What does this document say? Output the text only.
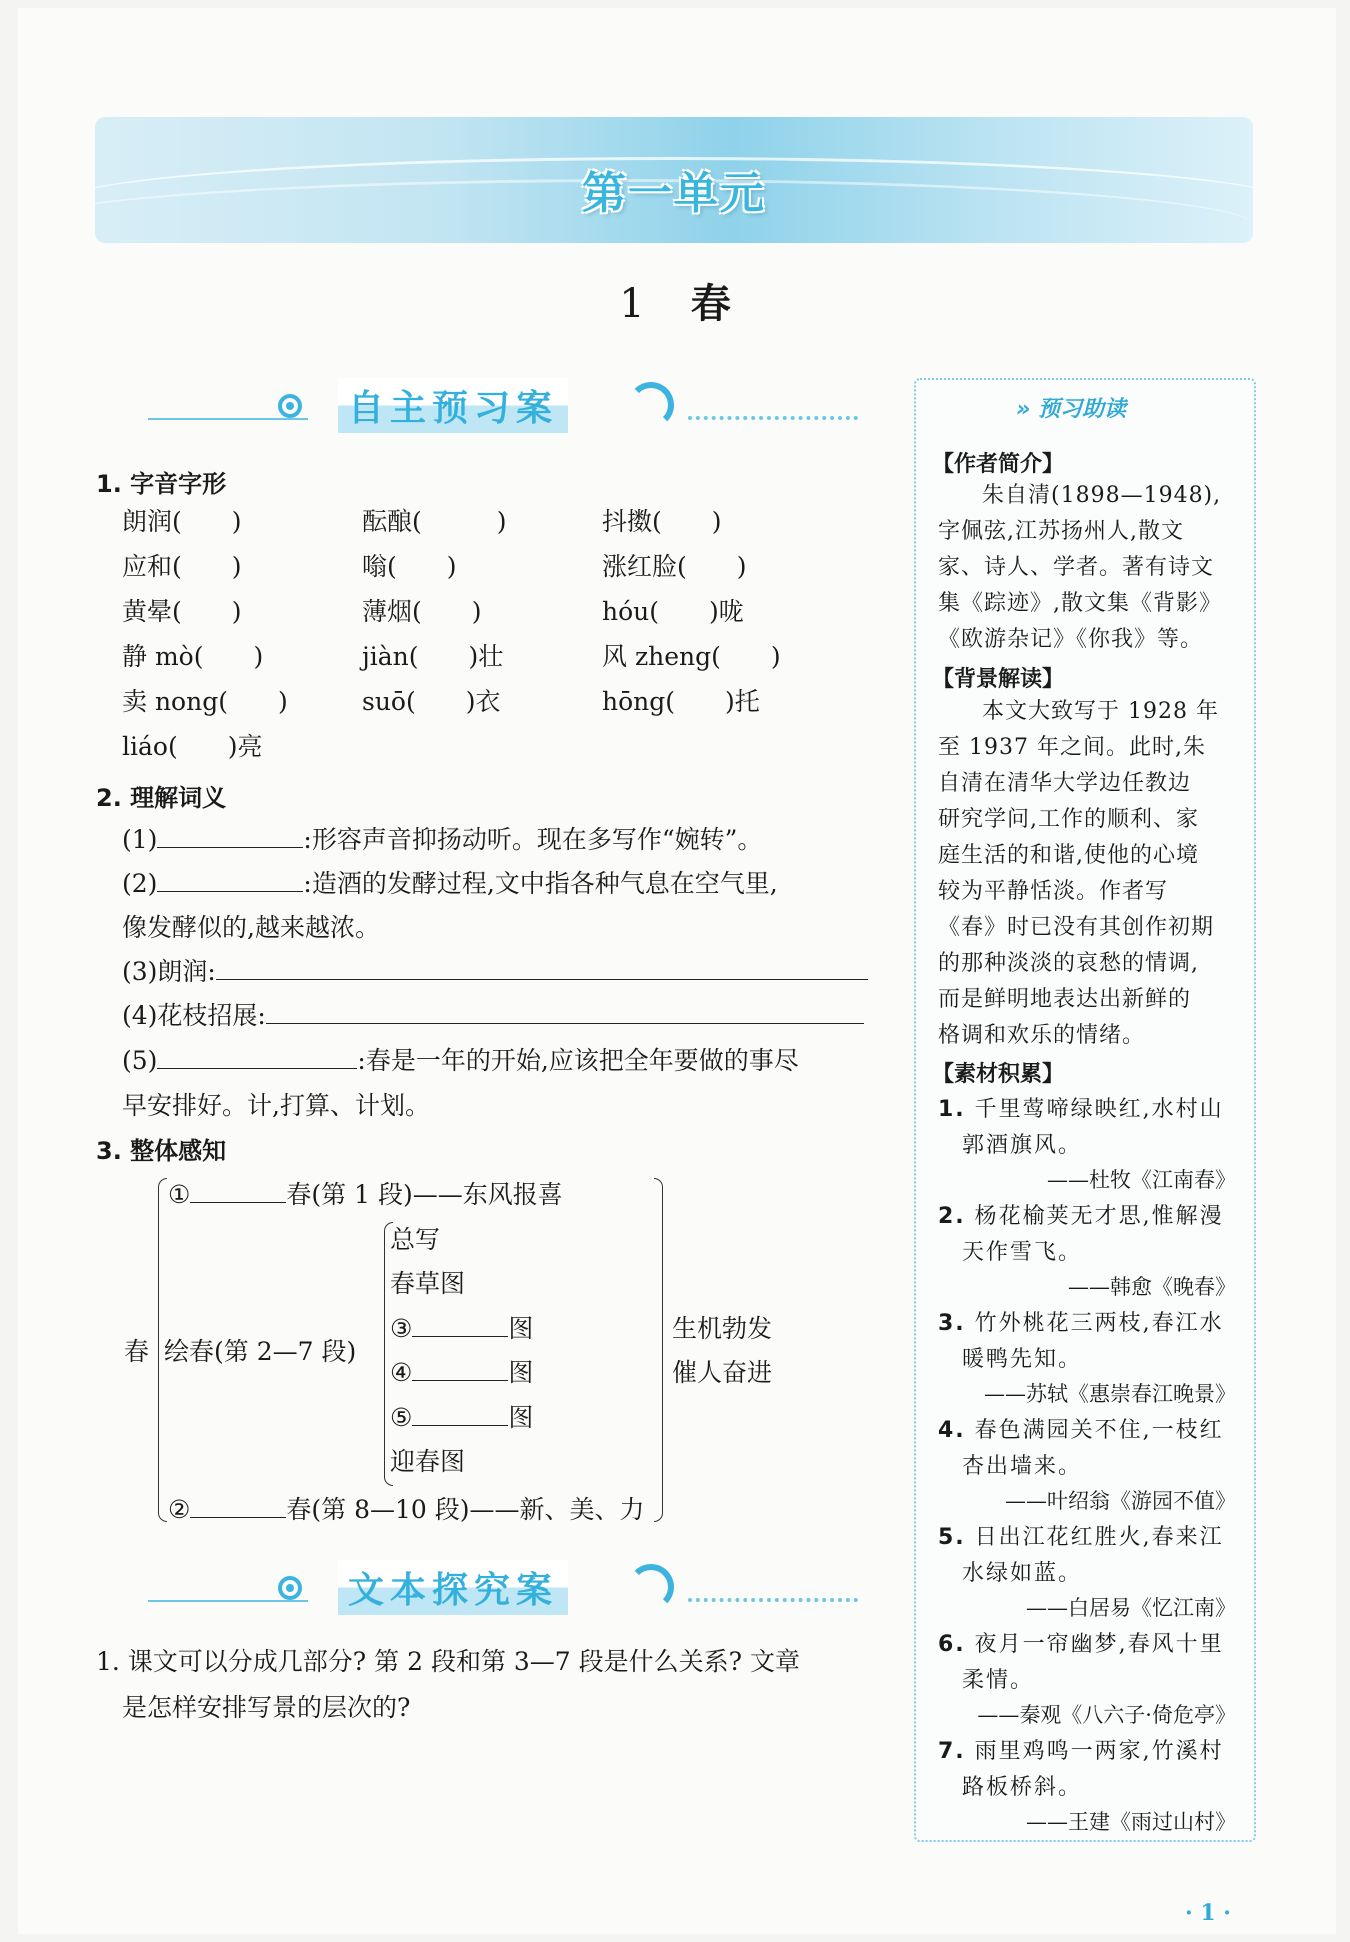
第一单元
1 春
自主预习案
1. 字音字形
朗润(　　)	酝酿(　　　)	抖擞(　　)
应和(　　)	嗡(　　)	涨红脸(　　)
黄晕(　　)	薄烟(　　)	hóu(　　)咙
静 mò(　　)	jiàn(　　)壮	风 zheng(　　)
卖 nong(　　)	suō(　　)衣	hōng(　　)托
liáo(　　)亮
2. 理解词义
(1)	:形容声音抑扬动听。现在多写作“婉转”。
(2)	:造酒的发酵过程,文中指各种气息在空气里,
像发酵似的,越来越浓。
(3)朗润:
(4)花枝招展:
(5)	:春是一年的开始,应该把全年要做的事尽
早安排好。计,打算、计划。
3. 整体感知
春
①	春(第 1 段)——东风报喜
绘春(第 2—7 段)
总写
春草图
③	图
④	图
⑤	图
迎春图
②	春(第 8—10 段)——新、美、力
生机勃发
催人奋进
文本探究案
1. 课文可以分成几部分? 第 2 段和第 3—7 段是什么关系? 文章
是怎样安排写景的层次的?
» 预习助读
【作者简介】
朱自清(1898—1948),
字佩弦,江苏扬州人,散文
家、诗人、学者。著有诗文
集《踪迹》,散文集《背影》
《欧游杂记》《你我》等。
【背景解读】
本文大致写于 1928 年
至 1937 年之间。此时,朱
自清在清华大学边任教边
研究学问,工作的顺利、家
庭生活的和谐,使他的心境
较为平静恬淡。作者写
《春》时已没有其创作初期
的那种淡淡的哀愁的情调,
而是鲜明地表达出新鲜的
格调和欢乐的情绪。
【素材积累】
1. 千里莺啼绿映红,水村山
郭酒旗风。
——杜牧《江南春》
2. 杨花榆荚无才思,惟解漫
天作雪飞。
——韩愈《晚春》
3. 竹外桃花三两枝,春江水
暖鸭先知。
——苏轼《惠崇春江晚景》
4. 春色满园关不住,一枝红
杏出墙来。
——叶绍翁《游园不值》
5. 日出江花红胜火,春来江
水绿如蓝。
——白居易《忆江南》
6. 夜月一帘幽梦,春风十里
柔情。
——秦观《八六子·倚危亭》
7. 雨里鸡鸣一两家,竹溪村
路板桥斜。
——王建《雨过山村》
· 1 ·
